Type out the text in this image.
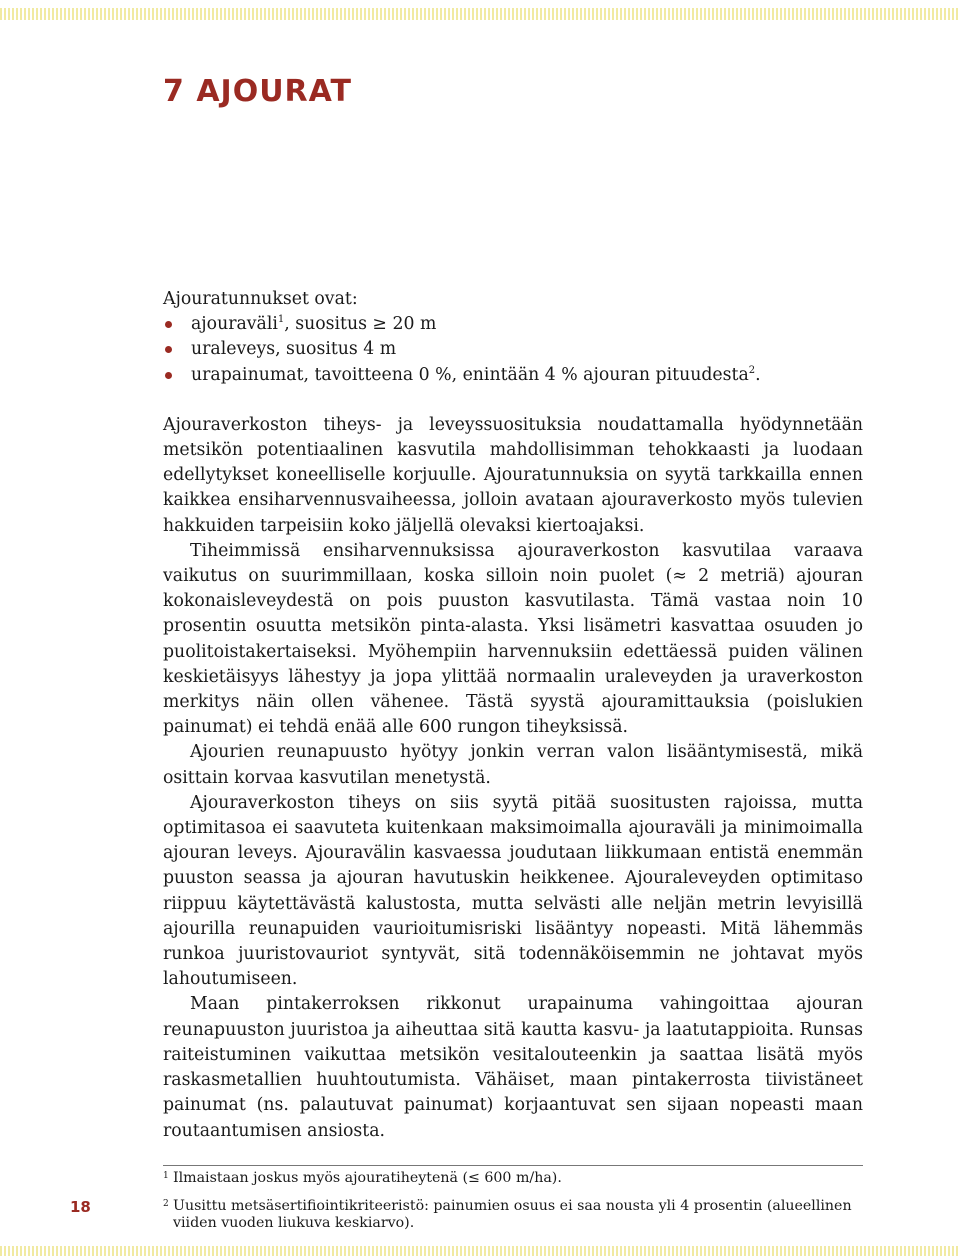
7 AJOURAT

Ajouratunnukset ovat:

ajouraväli$^1$, suositus ≥ 20 m
uraleveys, suositus 4 m
urapainumat, tavoitteena 0 %, enintään 4 % ajouran pituudesta$^2$.

Ajouraverkoston tiheys- ja leveyssuosituksia noudattamalla hyödynnetään metsikön potentiaalinen kasvutila mahdollisimman tehokkaasti ja luodaan edellytykset koneelliselle korjuulle. Ajouratunnuksia on syytä tarkkailla ennen kaikkea ensiharvennusvaiheessa, jolloin avataan ajouraverkosto myös tulevien hakkuiden tarpeisiin koko jäljellä olevaksi kiertoajaksi.

Tiheimmissä ensiharvennuksissa ajouraverkoston kasvutilaa varaava vaikutus on suurimmillaan, koska silloin noin puolet (≈ 2 metriä) ajouran kokonaisleveydestä on pois puuston kasvutilasta. Tämä vastaa noin 10 prosentin osuutta metsikön pinta-alasta. Yksi lisämetri kasvattaa osuuden jo puolitoistakertaiseksi. Myöhempiin harvennuksiin edettäessä puiden välinen keskietäisyys lähestyy ja jopa ylittää normaalin uraleveyden ja uraverkoston merkitys näin ollen vähenee. Tästä syystä ajouramittauksia (poislukien painumat) ei tehdä enää alle 600 rungon tiheyksissä.

Ajourien reunapuusto hyötyy jonkin verran valon lisääntymisestä, mikä osittain korvaa kasvutilan menetystä.

Ajouraverkoston tiheys on siis syytä pitää suositusten rajoissa, mutta optimitasoa ei saavuteta kuitenkaan maksimoimalla ajouraväli ja minimoimalla ajouran leveys. Ajouravälin kasvaessa joudutaan liikkumaan entistä enemmän puuston seassa ja ajouran havutuskin heikkenee. Ajouraleveyden optimitaso riippuu käytettävästä kalustosta, mutta selvästi alle neljän metrin levyisillä ajourilla reunapuiden vaurioitumisriski lisääntyy nopeasti. Mitä lähemmäs runkoa juuristovauriot syntyvät, sitä todennäköisemmin ne johtavat myös lahoutumiseen.

Maan pintakerroksen rikkonut urapainuma vahingoittaa ajouran reunapuuston juuristoa ja aiheuttaa sitä kautta kasvu- ja laatutappioita. Runsas raiteistuminen vaikuttaa metsikön vesitalouteenkin ja saattaa lisätä myös raskasmetallien huuhtoutumista. Vähäiset, maan pintakerrosta tiivistäneet painumat (ns. palautuvat painumat) korjaantuvat sen sijaan nopeasti maan routaantumisen ansiosta.

1 Ilmaistaan joskus myös ajouratiheytenä (≤ 600 m/ha).

2 Uusittu metsäsertifiointikriteeristö: painumien osuus ei saa nousta yli 4 prosentin (alueellinen viiden vuoden liukuva keskiarvo).

18
